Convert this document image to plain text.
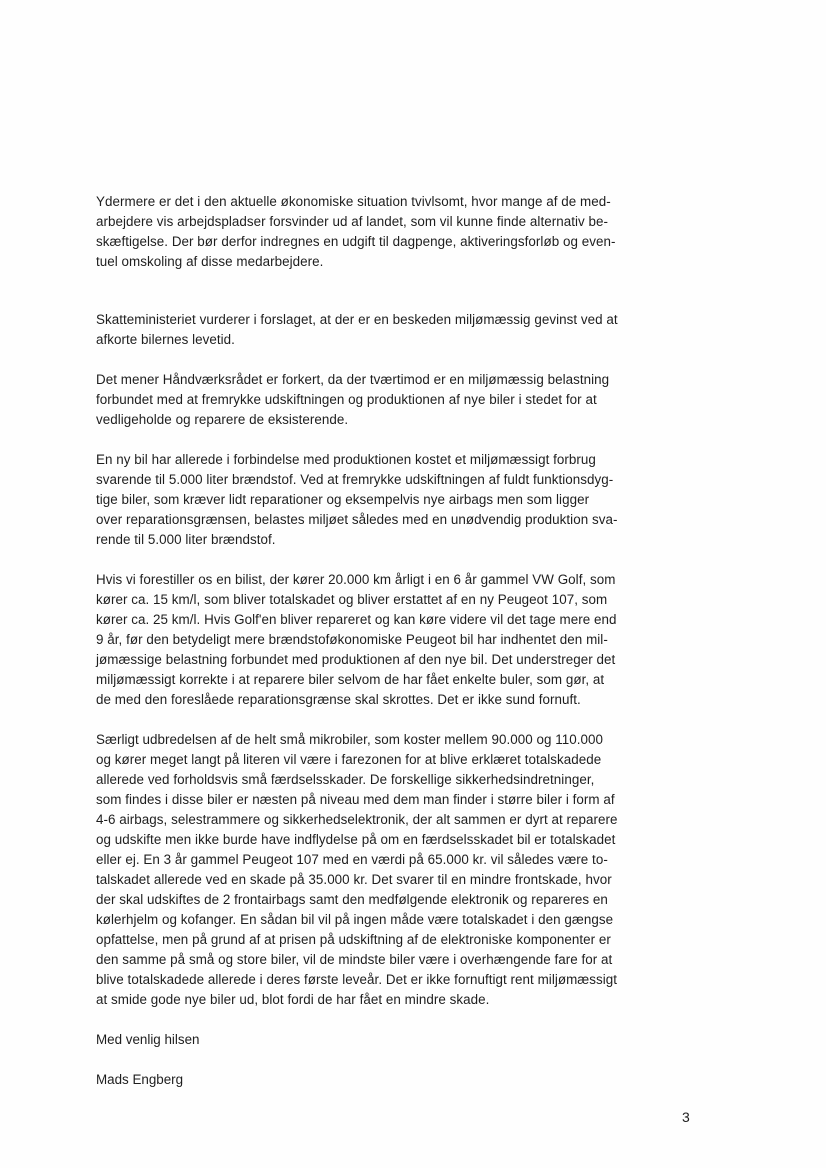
Ydermere er det i den aktuelle økonomiske situation tvivlsomt, hvor mange af de med-
arbejdere vis arbejdspladser forsvinder ud af landet, som vil kunne finde alternativ be-
skæftigelse. Der bør derfor indregnes en udgift til dagpenge, aktiveringsforløb og even-
tuel omskoling af disse medarbejdere.

Skatteministeriet vurderer i forslaget, at der er en beskeden miljømæssig gevinst ved at
afkorte bilernes levetid.

Det mener Håndværksrådet er forkert, da der tværtimod er en miljømæssig belastning
forbundet med at fremrykke udskiftningen og produktionen af nye biler i stedet for at
vedligeholde og reparere de eksisterende.

En ny bil har allerede i forbindelse med produktionen kostet et miljømæssigt forbrug
svarende til 5.000 liter brændstof. Ved at fremrykke udskiftningen af fuldt funktionsdyg-
tige biler, som kræver lidt reparationer og eksempelvis nye airbags men som ligger
over reparationsgrænsen, belastes miljøet således med en unødvendig produktion sva-
rende til 5.000 liter brændstof.

Hvis vi forestiller os en bilist, der kører 20.000 km årligt i en 6 år gammel VW Golf, som
kører ca. 15 km/l, som bliver totalskadet og bliver erstattet af en ny Peugeot 107, som
kører ca. 25 km/l. Hvis Golf'en bliver repareret og kan køre videre vil det tage mere end
9 år, før den betydeligt mere brændstoføkonomiske Peugeot bil har indhentet den mil-
jømæssige belastning forbundet med produktionen af den nye bil. Det understreger det
miljømæssigt korrekte i at reparere biler selvom de har fået enkelte buler, som gør, at
de med den foreslåede reparationsgrænse skal skrottes. Det er ikke sund fornuft.

Særligt udbredelsen af de helt små mikrobiler, som koster mellem 90.000 og 110.000
og kører meget langt på literen vil være i farezonen for at blive erklæret totalskadede
allerede ved forholdsvis små færdselsskader. De forskellige sikkerhedsindretninger,
som findes i disse biler er næsten på niveau med dem man finder i større biler i form af
4-6 airbags, selestrammere og sikkerhedselektronik, der alt sammen er dyrt at reparere
og udskifte men ikke burde have indflydelse på om en færdselsskadet bil er totalskadet
eller ej. En 3 år gammel Peugeot 107 med en værdi på 65.000 kr. vil således være to-
talskadet allerede ved en skade på 35.000 kr. Det svarer til en mindre frontskade, hvor
der skal udskiftes de 2 frontairbags samt den medfølgende elektronik og repareres en
kølerhjelm og kofanger. En sådan bil vil på ingen måde være totalskadet i den gængse
opfattelse, men på grund af at prisen på udskiftning af de elektroniske komponenter er
den samme på små og store biler, vil de mindste biler være i overhængende fare for at
blive totalskadede allerede i deres første leveår. Det er ikke fornuftigt rent miljømæssigt
at smide gode nye biler ud, blot fordi de har fået en mindre skade.

Med venlig hilsen

Mads Engberg

3
